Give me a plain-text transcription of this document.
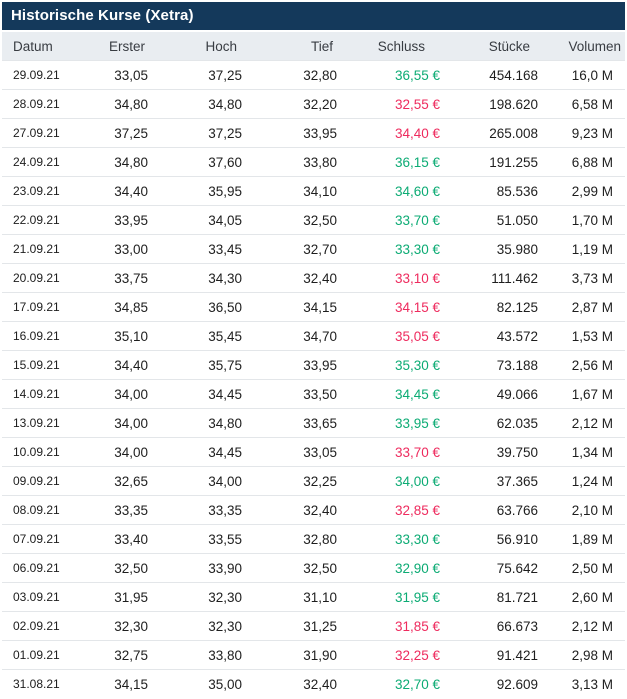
Historische Kurse (Xetra)
Datum	Erster	Hoch	Tief	Schluss	Stücke	Volumen
29.09.21	33,05	37,25	32,80	36,55 €	454.168	16,0 M
28.09.21	34,80	34,80	32,20	32,55 €	198.620	6,58 M
27.09.21	37,25	37,25	33,95	34,40 €	265.008	9,23 M
24.09.21	34,80	37,60	33,80	36,15 €	191.255	6,88 M
23.09.21	34,40	35,95	34,10	34,60 €	85.536	2,99 M
22.09.21	33,95	34,05	32,50	33,70 €	51.050	1,70 M
21.09.21	33,00	33,45	32,70	33,30 €	35.980	1,19 M
20.09.21	33,75	34,30	32,40	33,10 €	111.462	3,73 M
17.09.21	34,85	36,50	34,15	34,15 €	82.125	2,87 M
16.09.21	35,10	35,45	34,70	35,05 €	43.572	1,53 M
15.09.21	34,40	35,75	33,95	35,30 €	73.188	2,56 M
14.09.21	34,00	34,45	33,50	34,45 €	49.066	1,67 M
13.09.21	34,00	34,80	33,65	33,95 €	62.035	2,12 M
10.09.21	34,00	34,45	33,05	33,70 €	39.750	1,34 M
09.09.21	32,65	34,00	32,25	34,00 €	37.365	1,24 M
08.09.21	33,35	33,35	32,40	32,85 €	63.766	2,10 M
07.09.21	33,40	33,55	32,80	33,30 €	56.910	1,89 M
06.09.21	32,50	33,90	32,50	32,90 €	75.642	2,50 M
03.09.21	31,95	32,30	31,10	31,95 €	81.721	2,60 M
02.09.21	32,30	32,30	31,25	31,85 €	66.673	2,12 M
01.09.21	32,75	33,80	31,90	32,25 €	91.421	2,98 M
31.08.21	34,15	35,00	32,40	32,70 €	92.609	3,13 M
